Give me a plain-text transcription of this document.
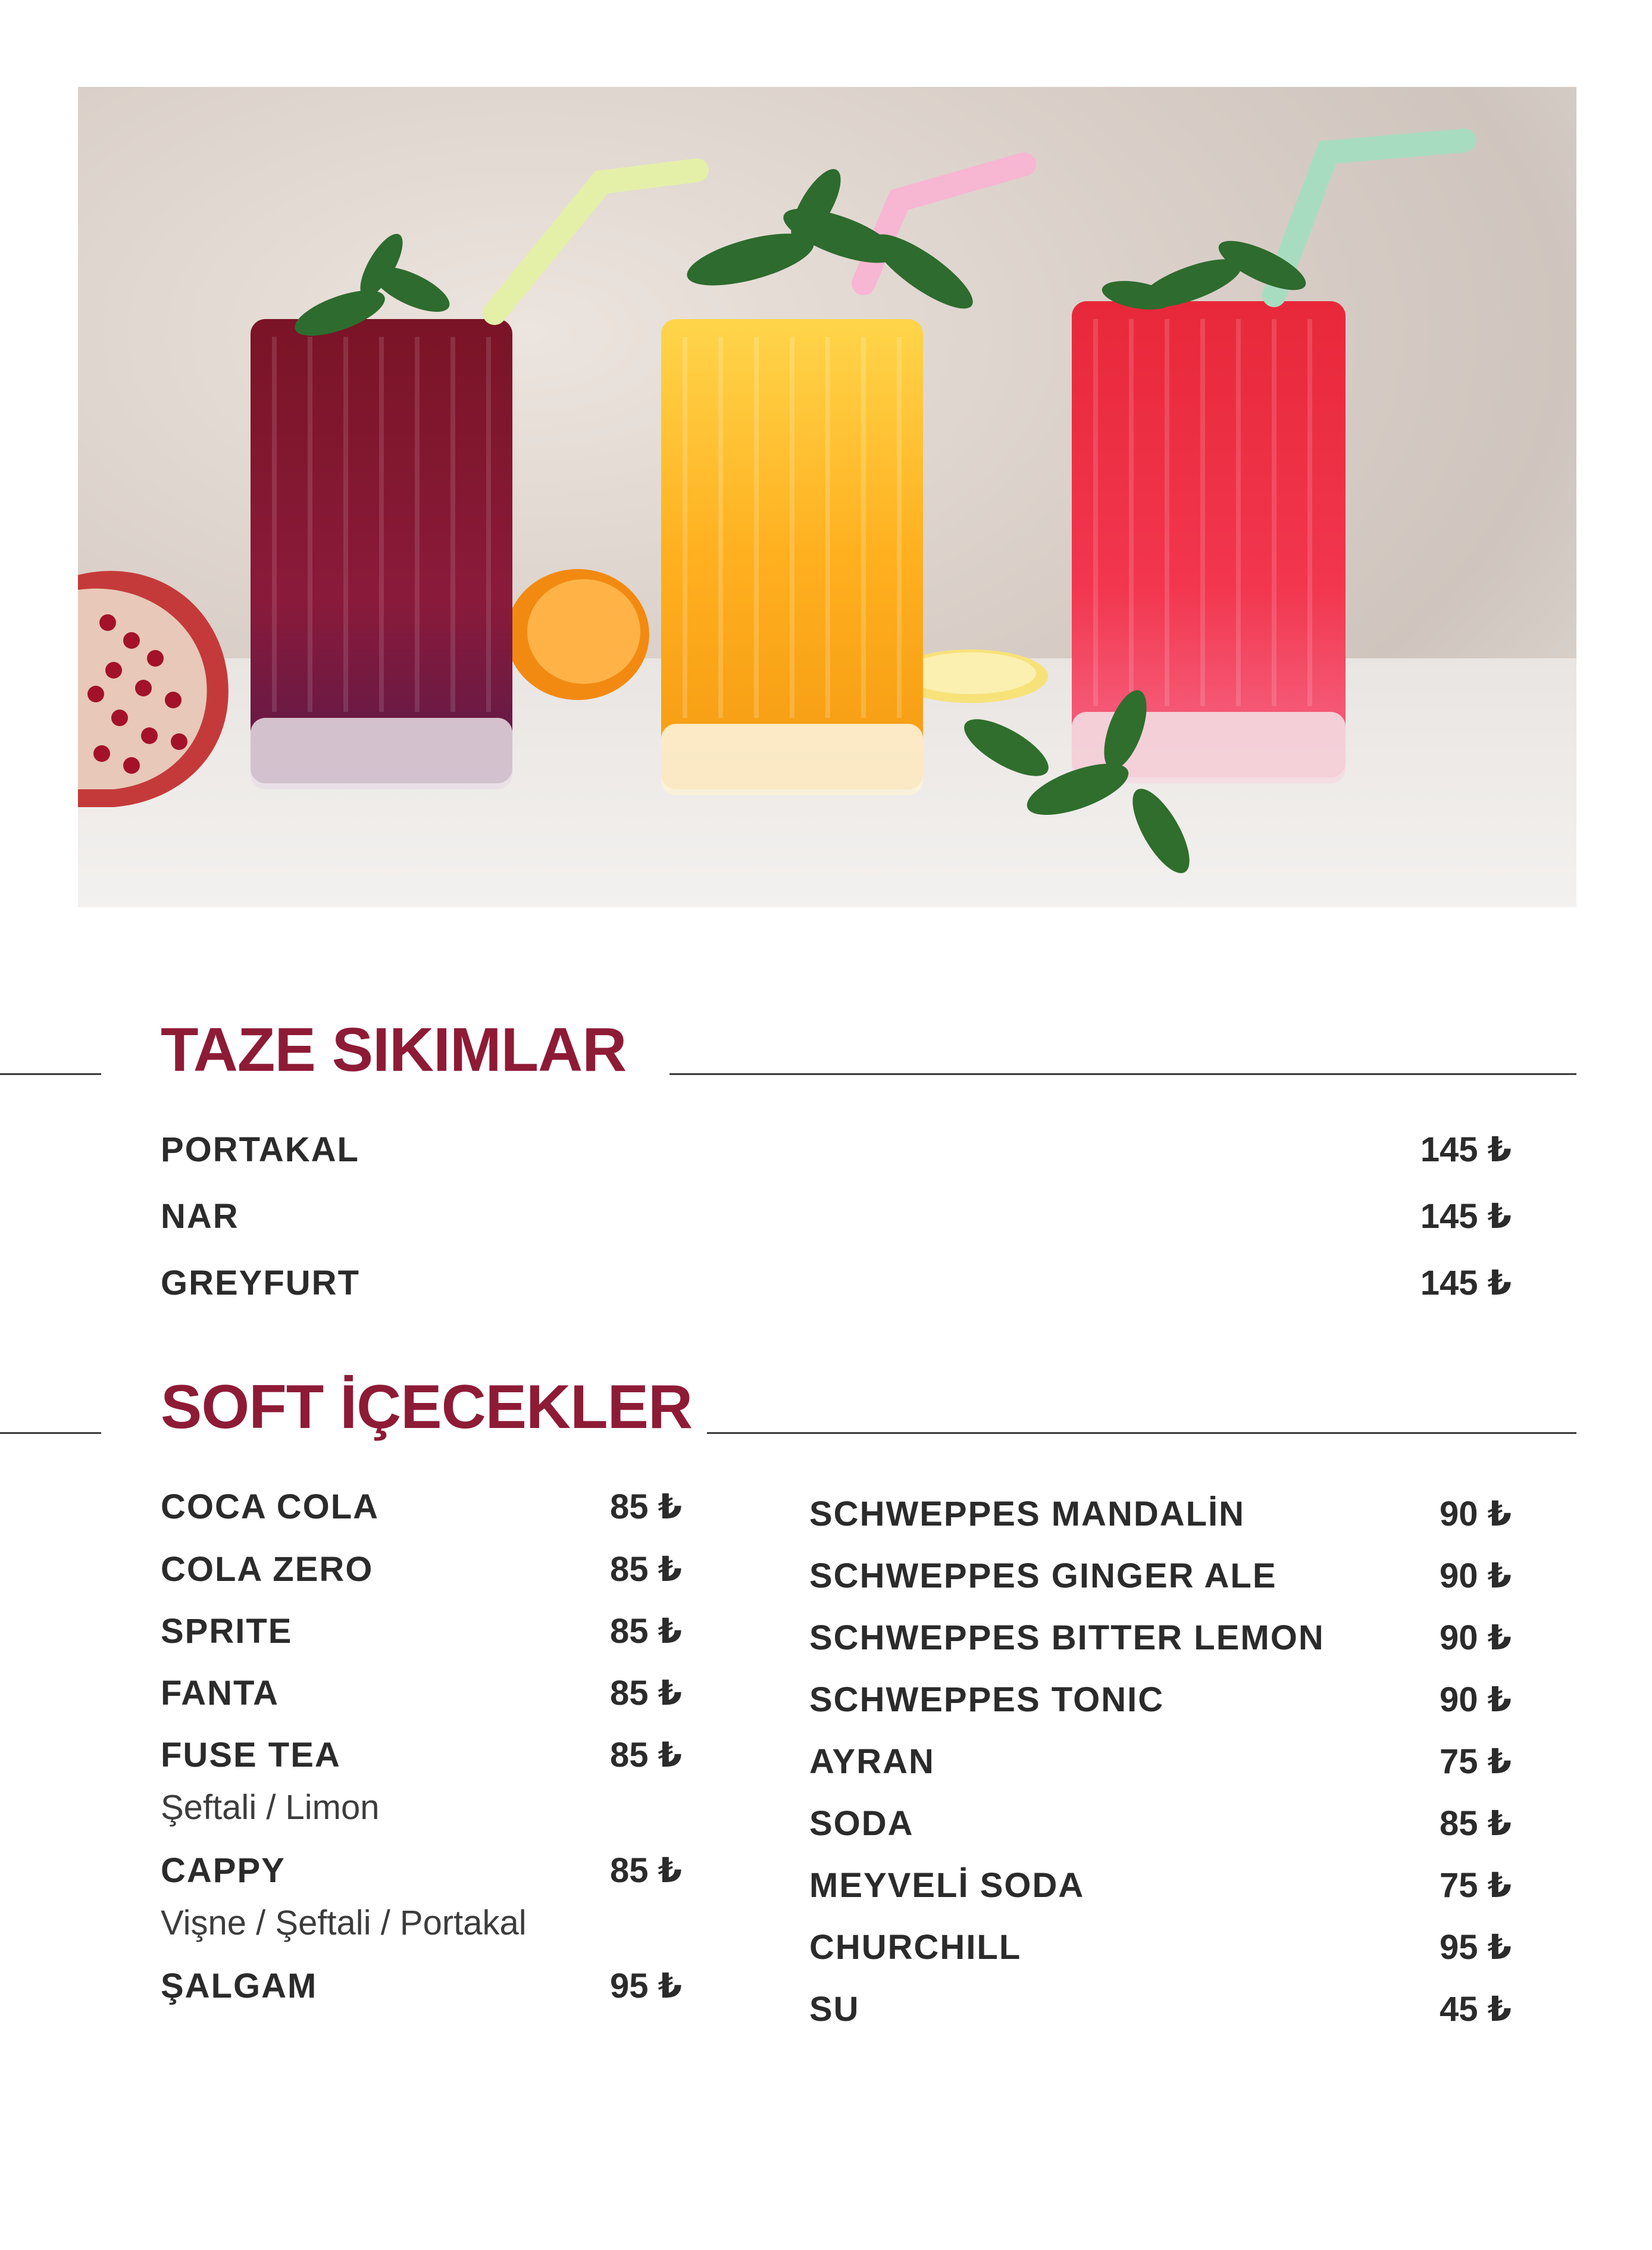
TAZE SIKIMLAR
PORTAKAL	145 ₺
NAR	145 ₺
GREYFURT	145 ₺
SOFT İÇECEKLER
COCA COLA	85 ₺
COLA ZERO	85 ₺
SPRITE	85 ₺
FANTA	85 ₺
FUSE TEA	85 ₺
Şeftali / Limon
CAPPY	85 ₺
Vişne / Şeftali / Portakal
ŞALGAM	95 ₺
SCHWEPPES MANDALİN	90 ₺
SCHWEPPES GINGER ALE	90 ₺
SCHWEPPES BITTER LEMON	90 ₺
SCHWEPPES TONIC	90 ₺
AYRAN	75 ₺
SODA	85 ₺
MEYVELİ SODA	75 ₺
CHURCHILL	95 ₺
SU	45 ₺
